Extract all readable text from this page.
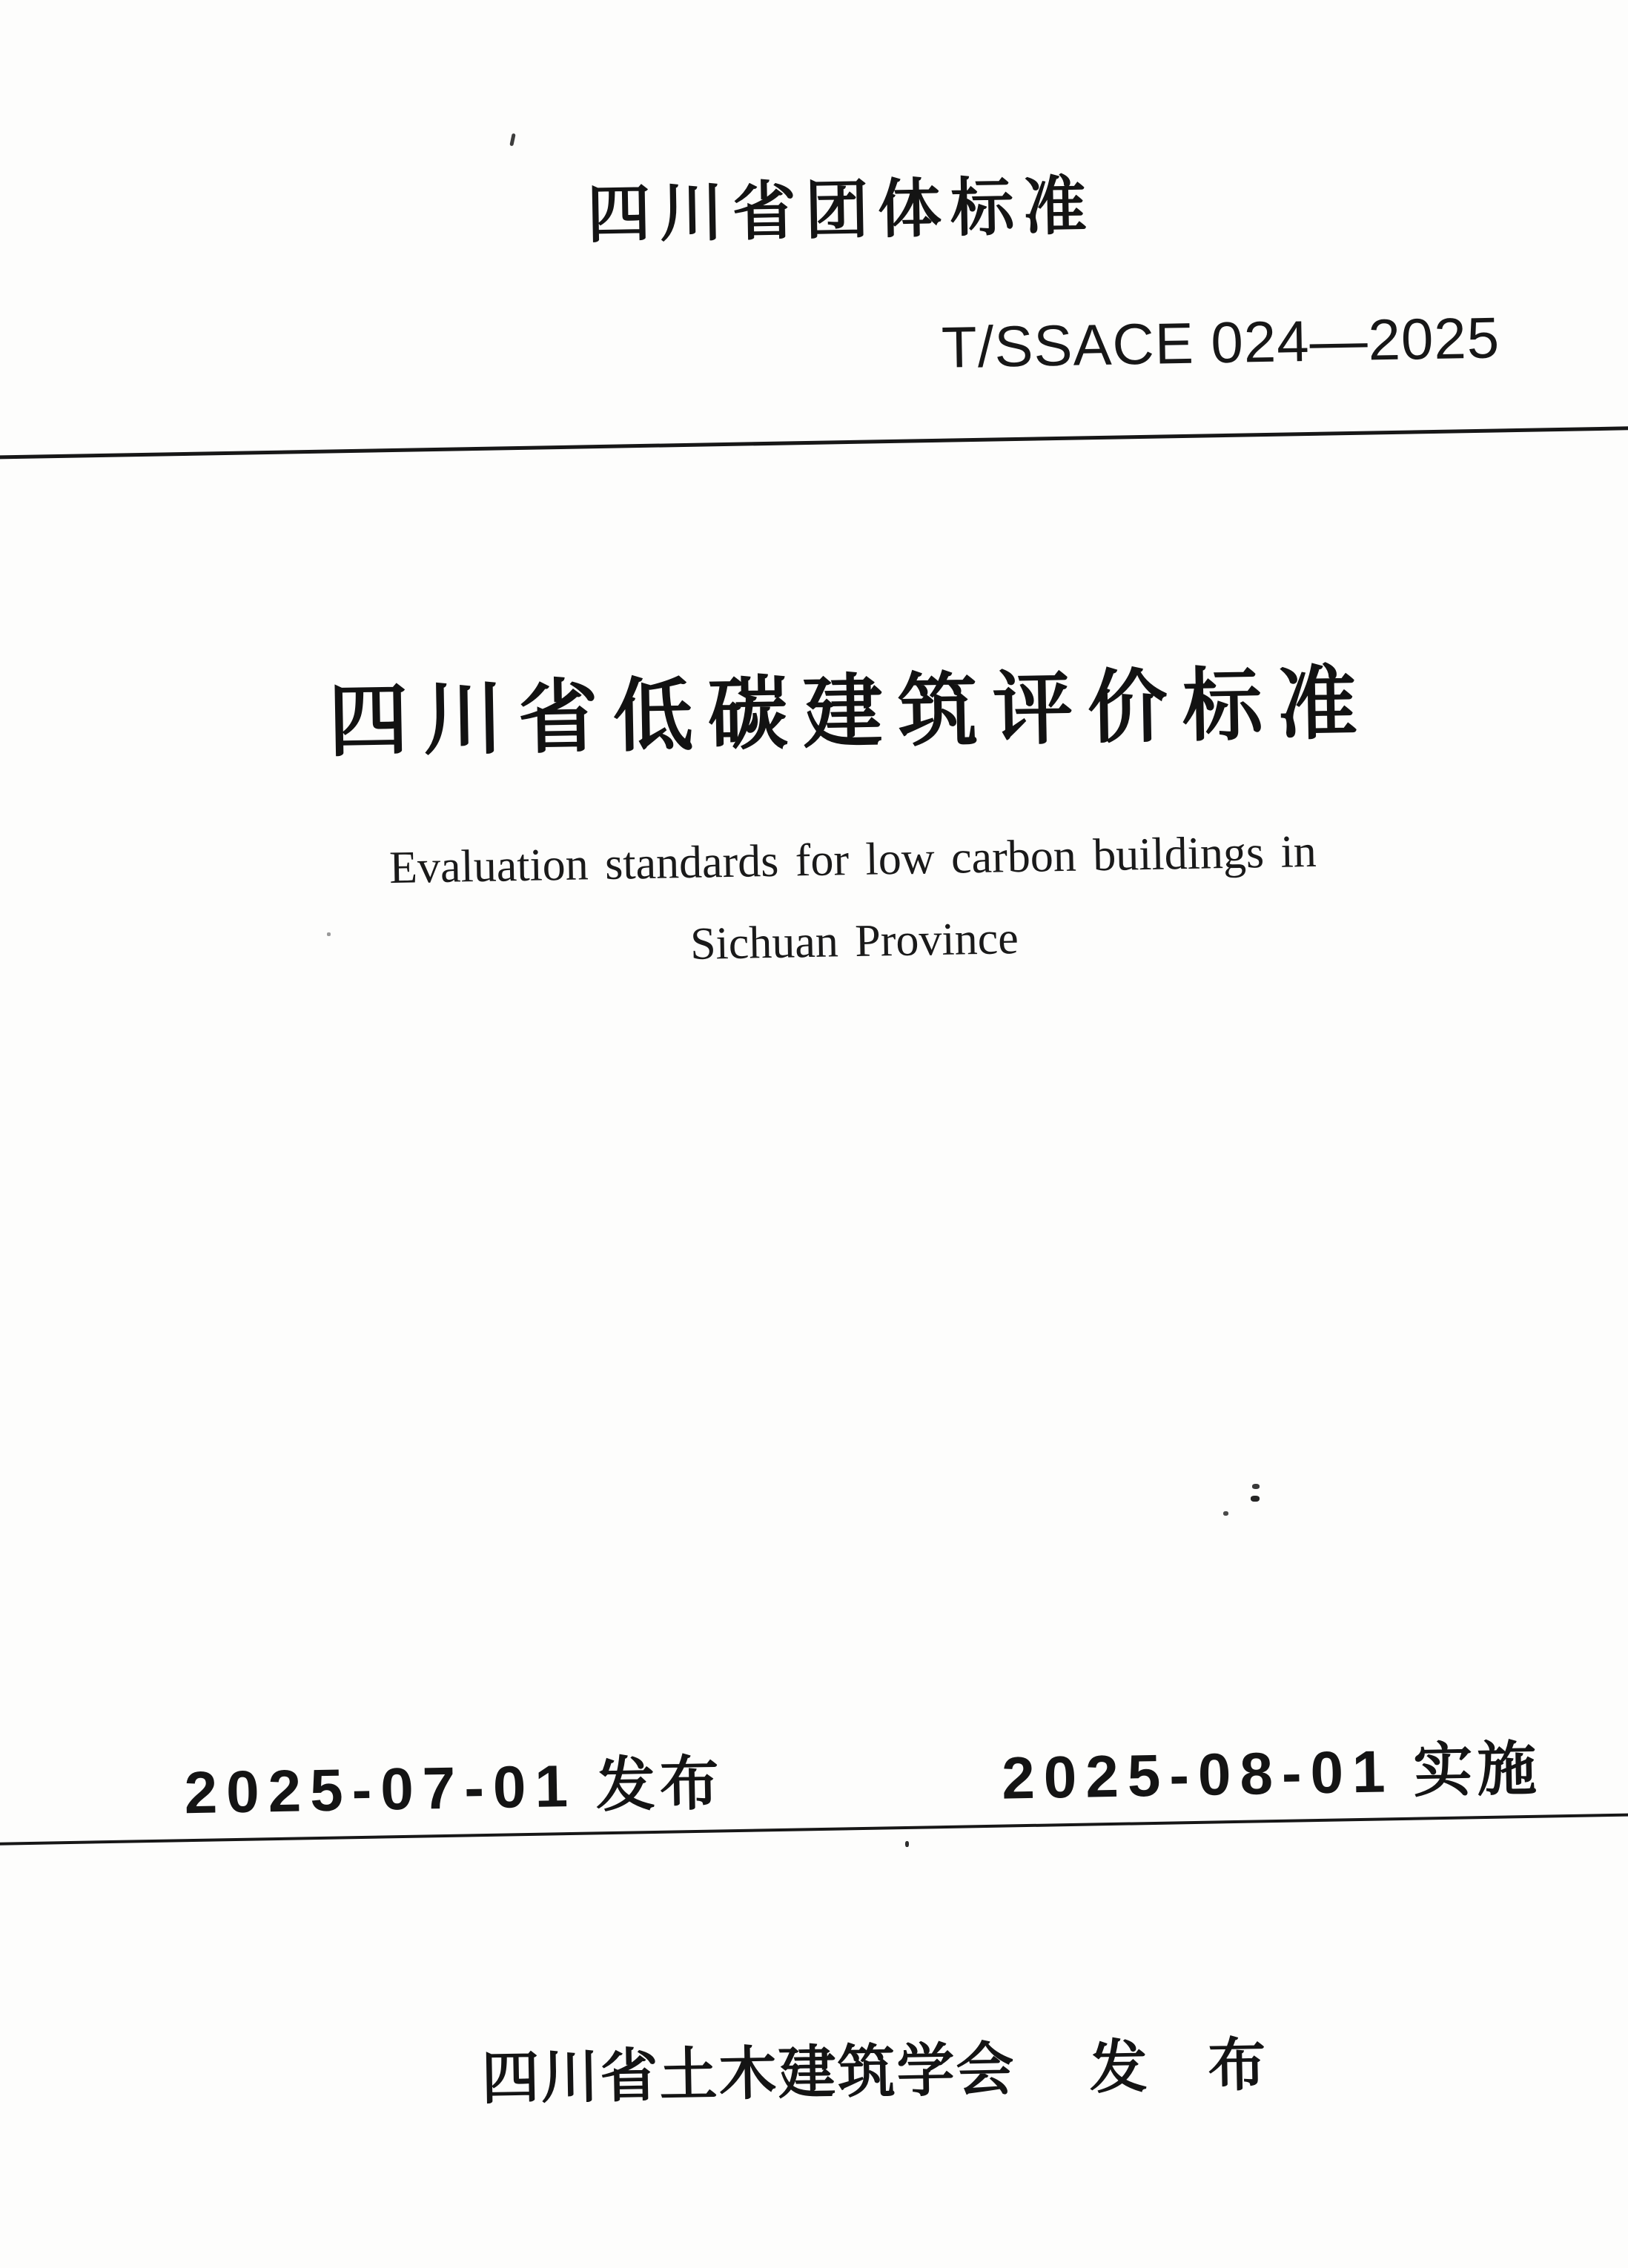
四川省团体标准
T/SSACE 024—2025
四川省低碳建筑评价标准
Evaluation standards for low carbon buildings in
Sichuan Province
2025-07-01 发布	2025-08-01 实施
四川省土木建筑学会 发　布
